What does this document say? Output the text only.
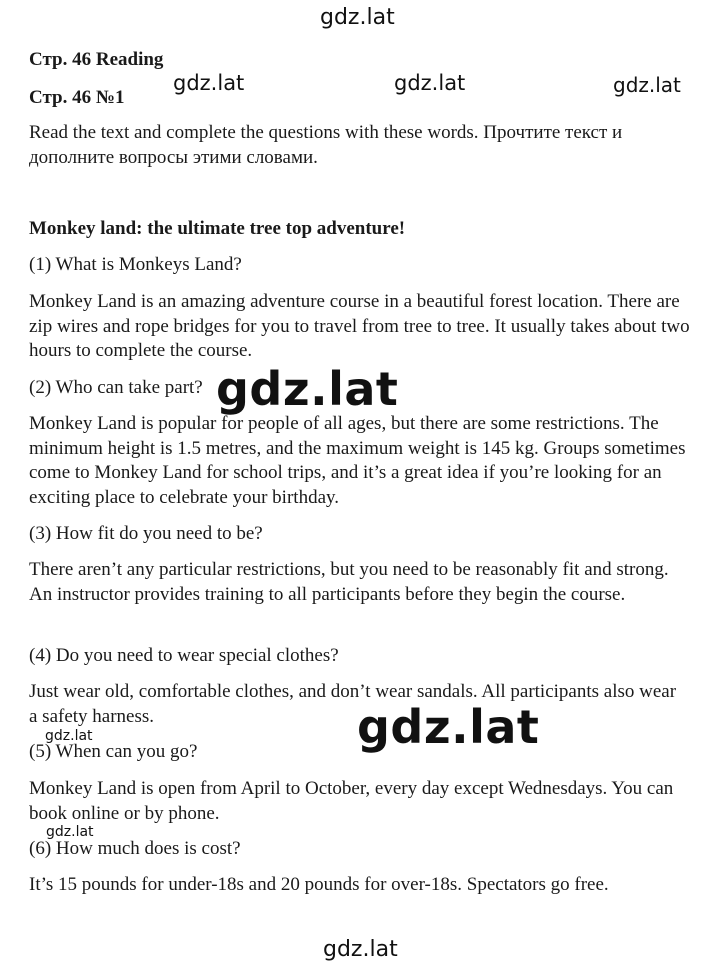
gdz.lat
gdz.lat	gdz.lat	gdz.lat
Стр. 46 Reading
Стр. 46 №1
Read the text and complete the questions with these words. Прочтите текст и дополните вопросы этими словами.
Monkey land: the ultimate tree top adventure!
(1) What is Monkeys Land?
Monkey Land is an amazing adventure course in a beautiful forest location. There are zip wires and rope bridges for you to travel from tree to tree. It usually takes about two hours to complete the course.
(2) Who can take part?
Monkey Land is popular for people of all ages, but there are some restrictions. The minimum height is 1.5 metres, and the maximum weight is 145 kg. Groups sometimes come to Monkey Land for school trips, and it’s a great idea if you’re looking for an exciting place to celebrate your birthday.
(3) How fit do you need to be?
There aren’t any particular restrictions, but you need to be reasonably fit and strong. An instructor provides training to all participants before they begin the course.
(4) Do you need to wear special clothes?
Just wear old, comfortable clothes, and don’t wear sandals. All participants also wear a safety harness.
(5) When can you go?
Monkey Land is open from April to October, every day except Wednesdays. You can book online or by phone.
(6) How much does is cost?
It’s 15 pounds for under-18s and 20 pounds for over-18s. Spectators go free.
gdz.lat
gdz.lat
gdz.lat
gdz.lat
gdz.lat
